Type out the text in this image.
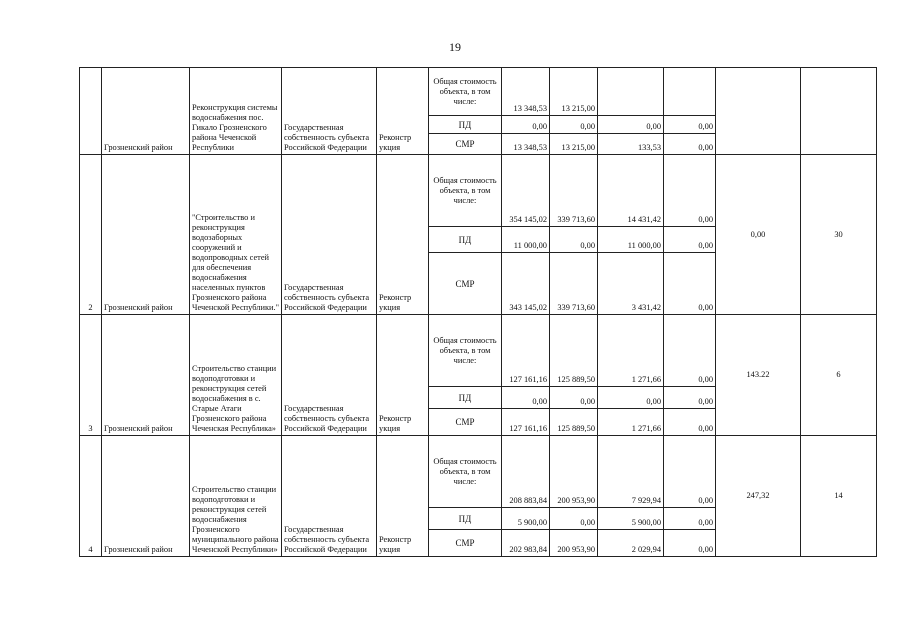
19
	Грозненский район	Реконструкция системы водоснабжения пос. Гикало Грозненского района Чеченской Республики	Государственная собственность субъекта Российской Федерации	Реконстр укция	Общая стоимость объекта, в том числе:	13 348,53	13 215,00				
					ПД	0,00	0,00	0,00	0,00		
					СМР	13 348,53	13 215,00	133,53	0,00		
2	Грозненский район	"Строительство и реконструкция водозаборных сооружений и водопроводных сетей для обеспечения водоснабжения населенных пунктов Грозненского района Чеченской Республики."	Государственная собственность субъекта Российской Федерации	Реконстр укция	Общая стоимость объекта, в том числе:	354 145,02	339 713,60	14 431,42	0,00	0,00	30
					ПД	11 000,00	0,00	11 000,00	0,00		
					СМР	343 145,02	339 713,60	3 431,42	0,00		
3	Грозненский район	Строительство станции водоподготовки и реконструкция сетей водоснабжения в с. Старые Атаги Грозненского района Чеченская Республика»	Государственная собственность субъекта Российской Федерации	Реконстр укция	Общая стоимость объекта, в том числе:	127 161,16	125 889,50	1 271,66	0,00	143.22	6
					ПД	0,00	0,00	0,00	0,00		
					СМР	127 161,16	125 889,50	1 271,66	0,00		
4	Грозненский район	Строительство станции водоподготовки и реконструкция сетей водоснабжения Грозненского муниципального района Чеченской Республики»	Государственная собственность субъекта Российской Федерации	Реконстр укция	Общая стоимость объекта, в том числе:	208 883,84	200 953,90	7 929,94	0,00	247,32	14
					ПД	5 900,00	0,00	5 900,00	0,00		
					СМР	202 983,84	200 953,90	2 029,94	0,00		
